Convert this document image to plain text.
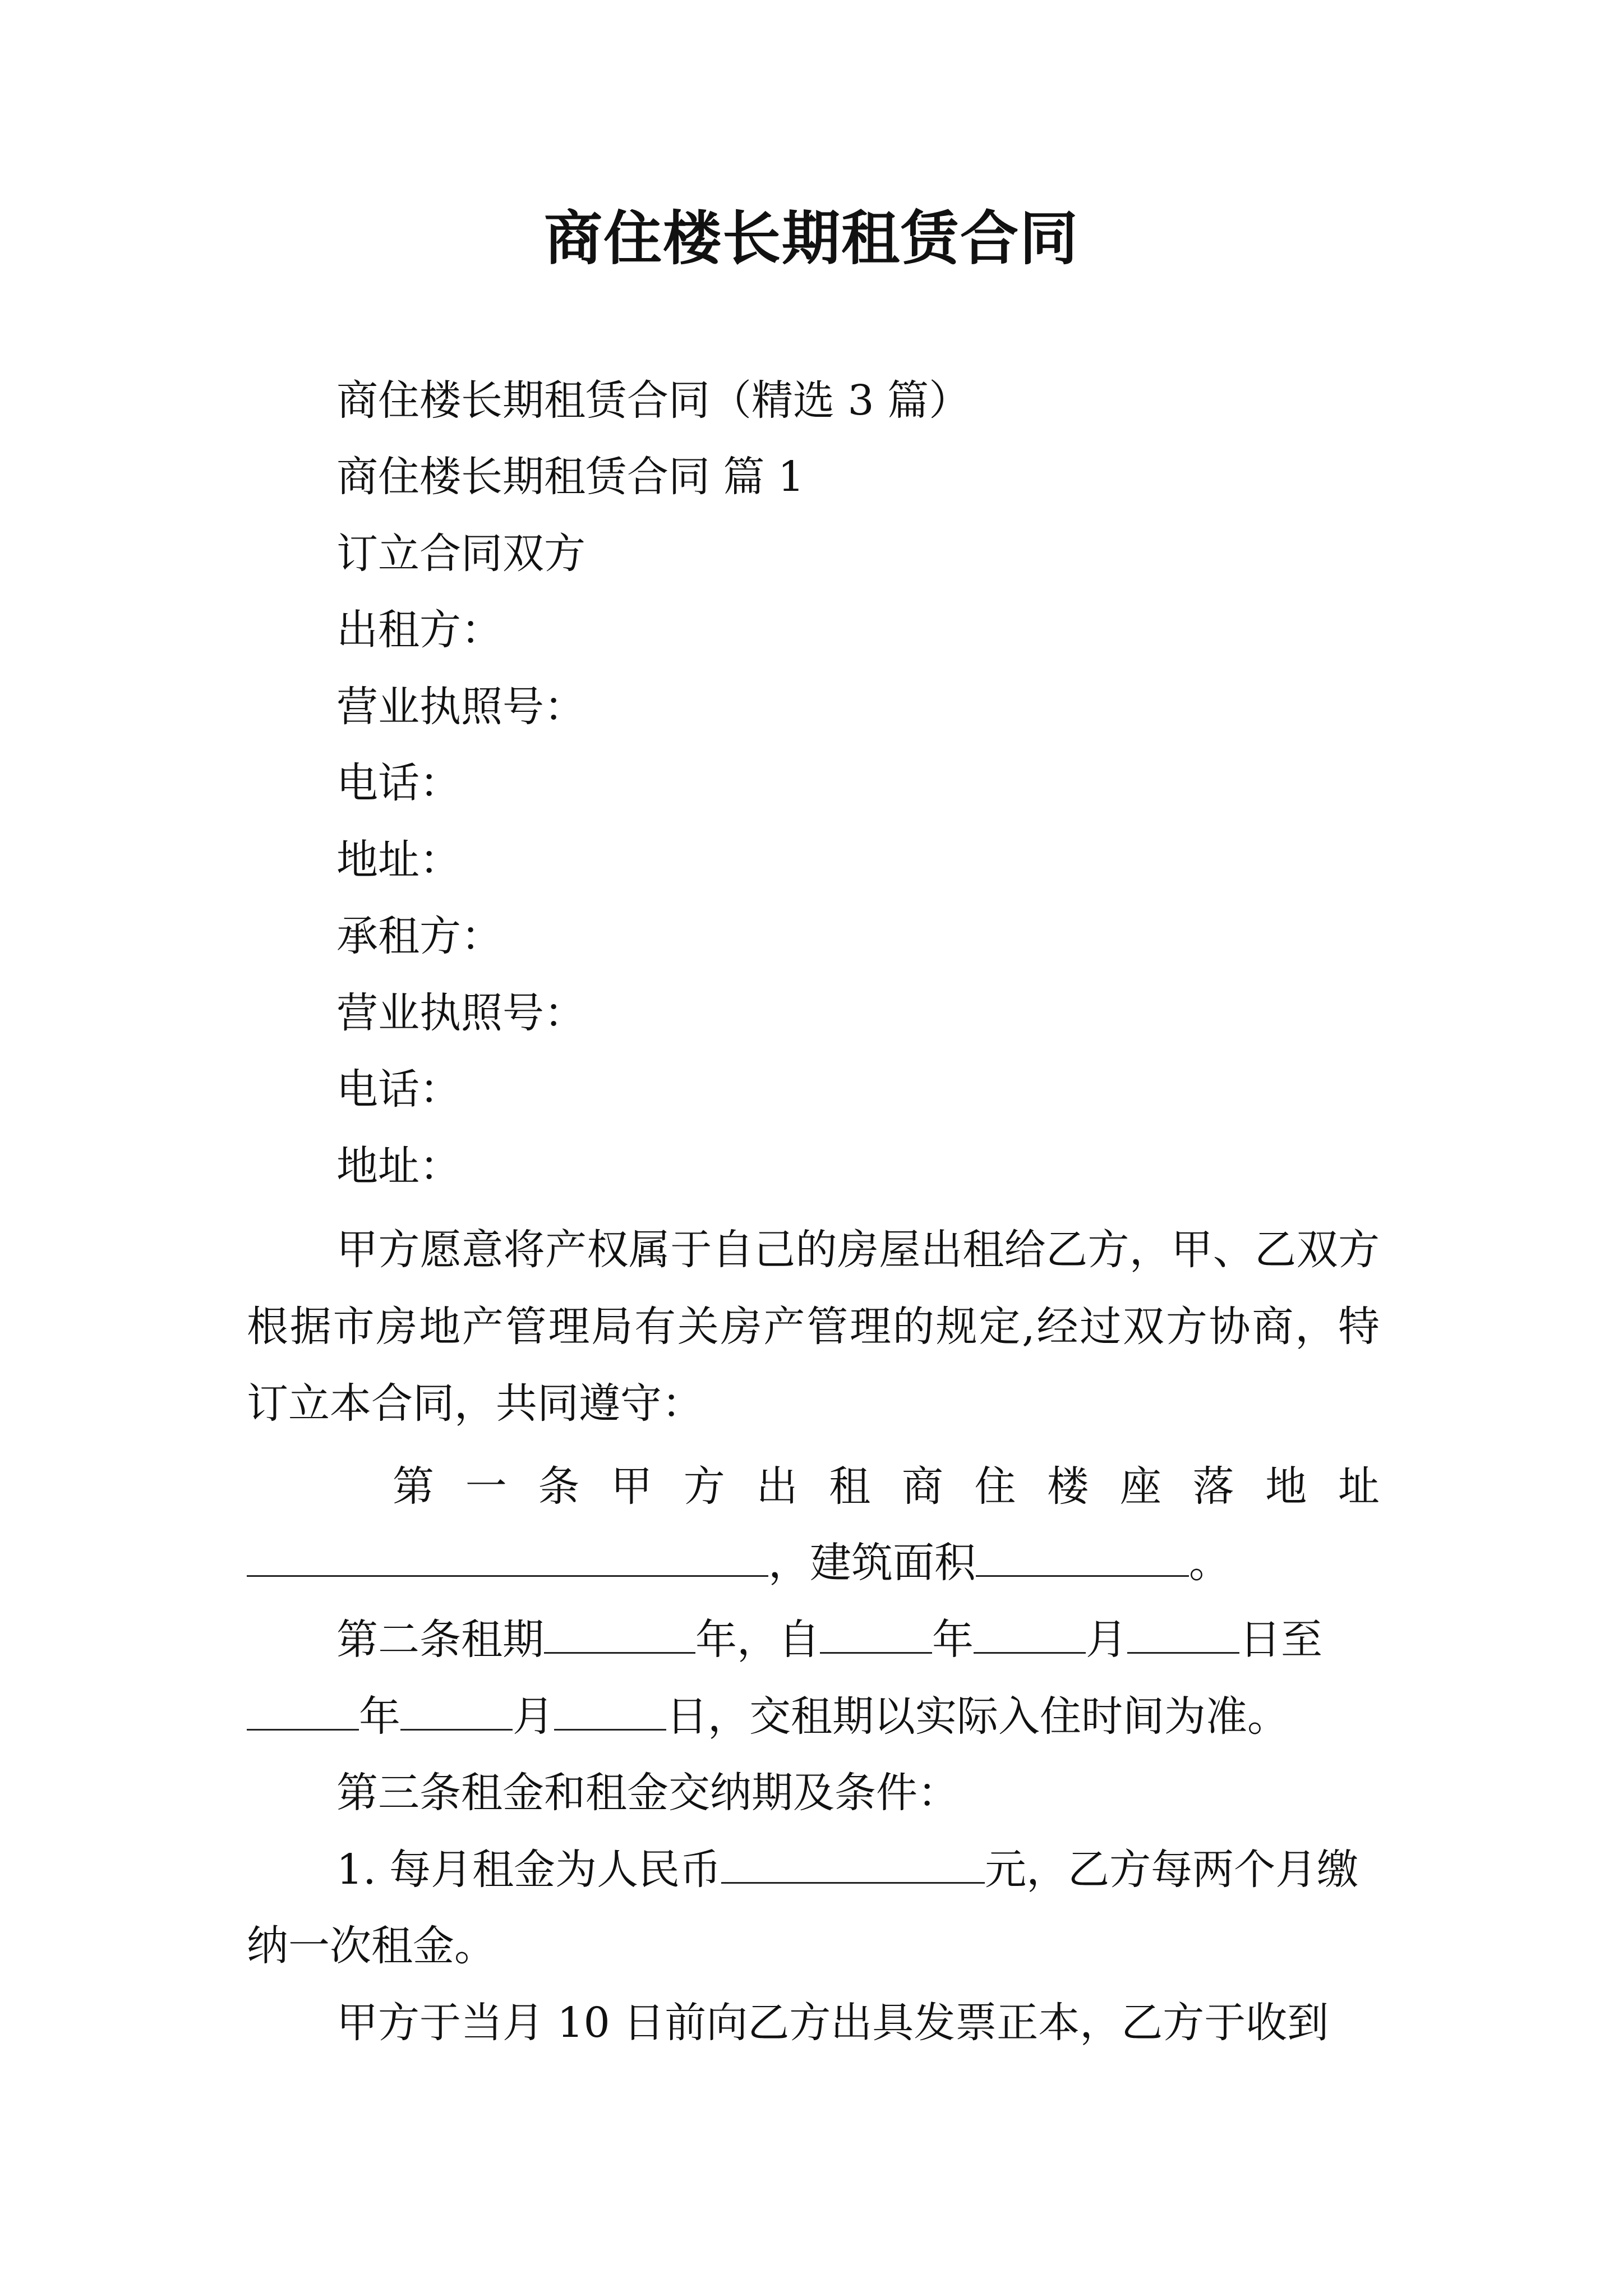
商住楼长期租赁合同
商住楼长期租赁合同（精选 3 篇）
商住楼长期租赁合同 篇 1
订立合同双方
出租方：
营业执照号：
电话：
地址：
承租方：
营业执照号：
电话：
地址：
甲方愿意将产权属于自己的房屋出租给乙方，甲、乙双方根据市房地产管理局有关房产管理的规定,经过双方协商，特订立本合同，共同遵守：
第 一 条 甲 方 出 租 商 住 楼 座 落 地 址
，建筑面积	。
第二条租期	年，自	年	月	日至
年	月	日，交租期以实际入住时间为准。
第三条租金和租金交纳期及条件：
1. 每月租金为人民币	元，乙方每两个月缴
纳一次租金。
甲方于当月 10 日前向乙方出具发票正本，乙方于收到
